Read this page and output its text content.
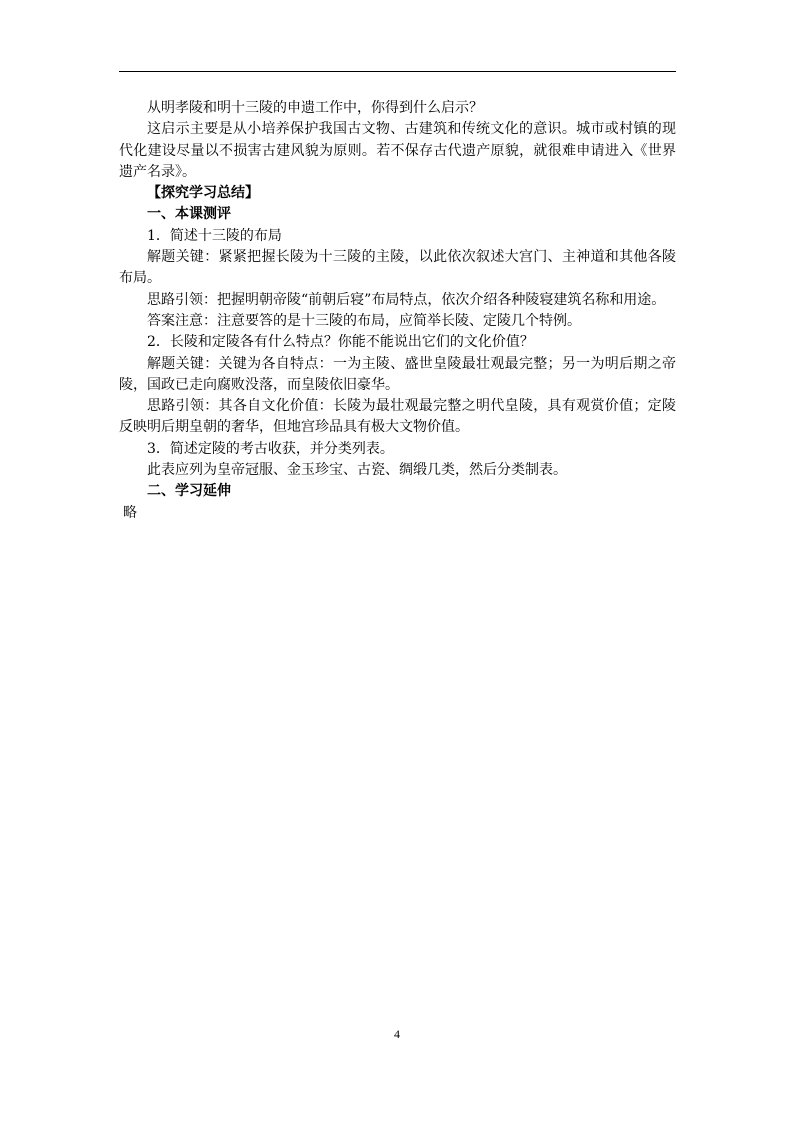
从明孝陵和明十三陵的申遗工作中，你得到什么启示？

这启示主要是从小培养保护我国古文物、古建筑和传统文化的意识。城市或村镇的现代化建设尽量以不损害古建风貌为原则。若不保存古代遗产原貌，就很难申请进入《世界遗产名录》。

【探究学习总结】

一、本课测评

1．简述十三陵的布局

解题关键：紧紧把握长陵为十三陵的主陵，以此依次叙述大宫门、主神道和其他各陵布局。

思路引领：把握明朝帝陵“前朝后寝”布局特点，依次介绍各种陵寝建筑名称和用途。

答案注意：注意要答的是十三陵的布局，应简举长陵、定陵几个特例。

2．长陵和定陵各有什么特点？你能不能说出它们的文化价值？

解题关键：关键为各自特点：一为主陵、盛世皇陵最壮观最完整；另一为明后期之帝陵，国政已走向腐败没落，而皇陵依旧豪华。

思路引领：其各自文化价值：长陵为最壮观最完整之明代皇陵，具有观赏价值；定陵反映明后期皇朝的奢华，但地宫珍品具有极大文物价值。

3．简述定陵的考古收获，并分类列表。

此表应列为皇帝冠服、金玉珍宝、古瓷、绸缎几类，然后分类制表。

二、学习延伸

略

4
